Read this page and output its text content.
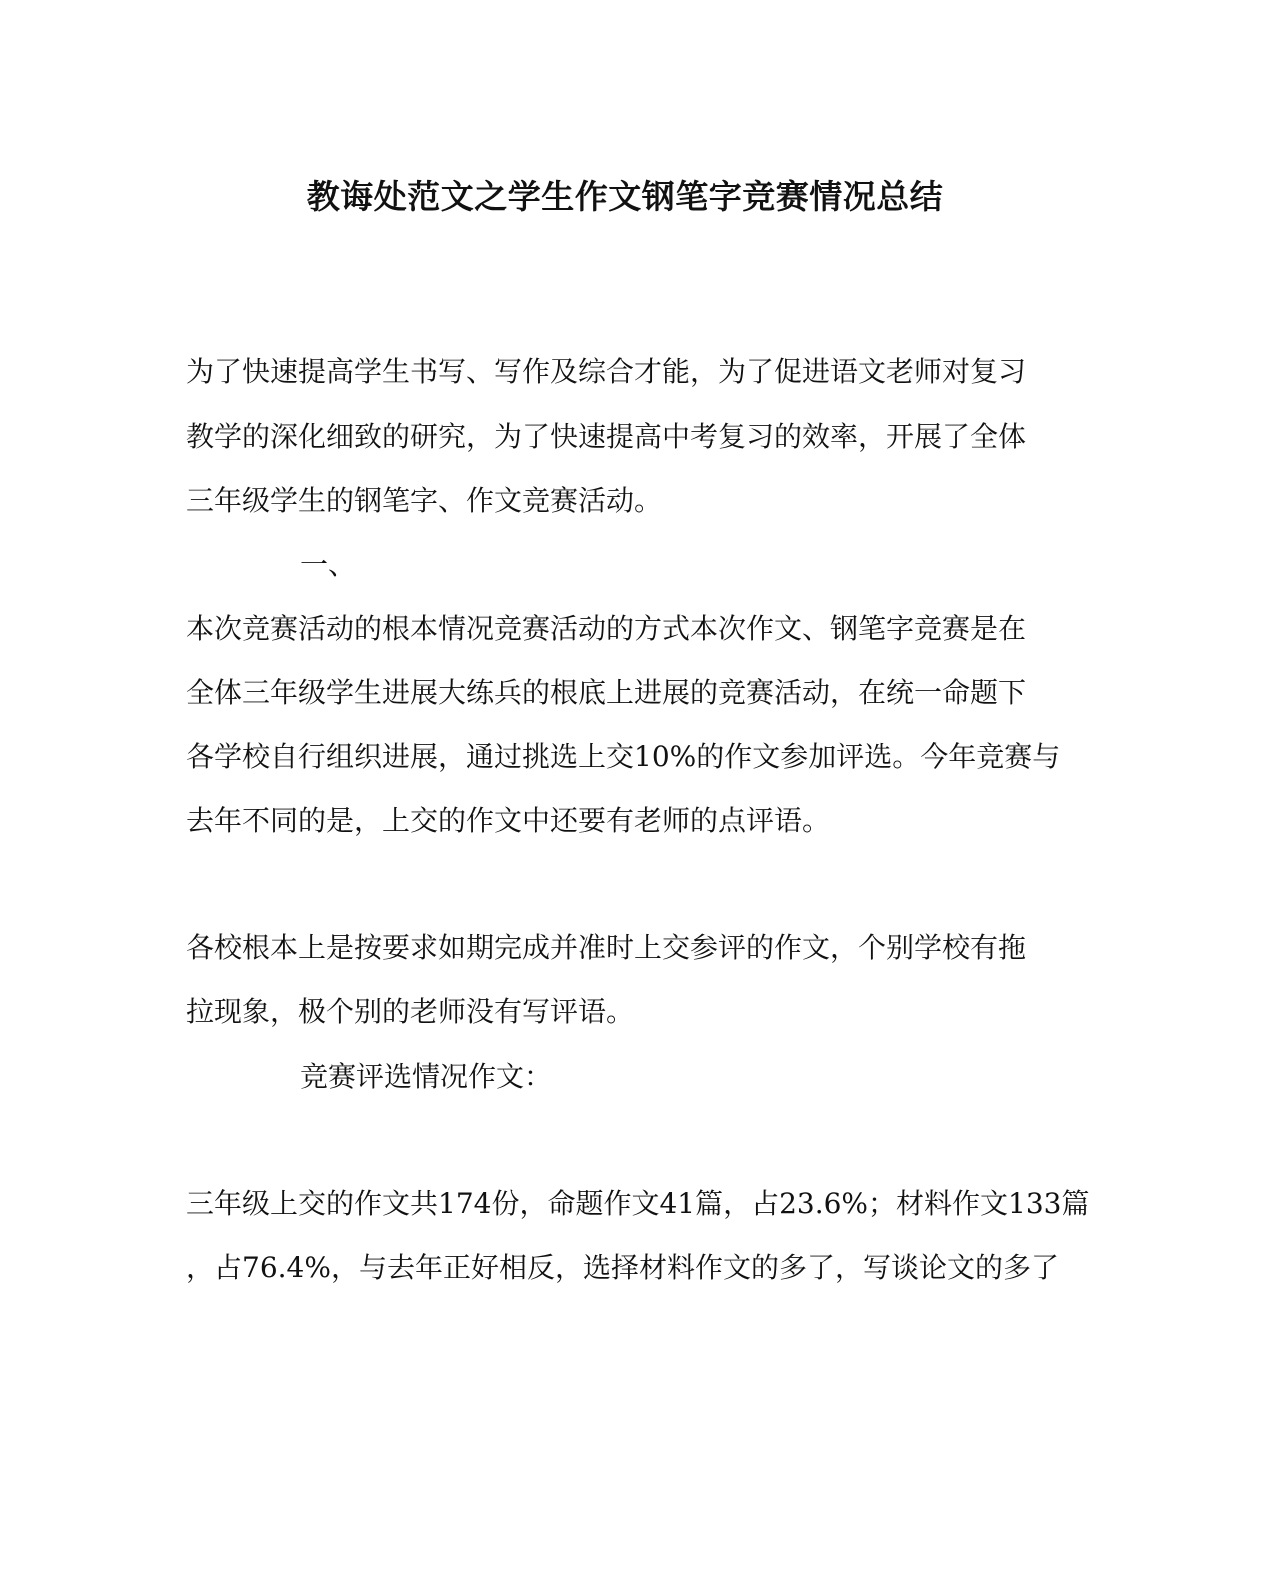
教诲处范文之学生作文钢笔字竞赛情况总结
为了快速提高学生书写、写作及综合才能，为了促进语文老师对复习
教学的深化细致的研究，为了快速提高中考复习的效率，开展了全体
三年级学生的钢笔字、作文竞赛活动。
一、
本次竞赛活动的根本情况竞赛活动的方式本次作文、钢笔字竞赛是在
全体三年级学生进展大练兵的根底上进展的竞赛活动，在统一命题下
各学校自行组织进展，通过挑选上交10%的作文参加评选。今年竞赛与
去年不同的是，上交的作文中还要有老师的点评语。
各校根本上是按要求如期完成并准时上交参评的作文，个别学校有拖
拉现象，极个别的老师没有写评语。
竞赛评选情况作文：
三年级上交的作文共174份，命题作文41篇，占23.6%；材料作文133篇
，占76.4%，与去年正好相反，选择材料作文的多了，写谈论文的多了
